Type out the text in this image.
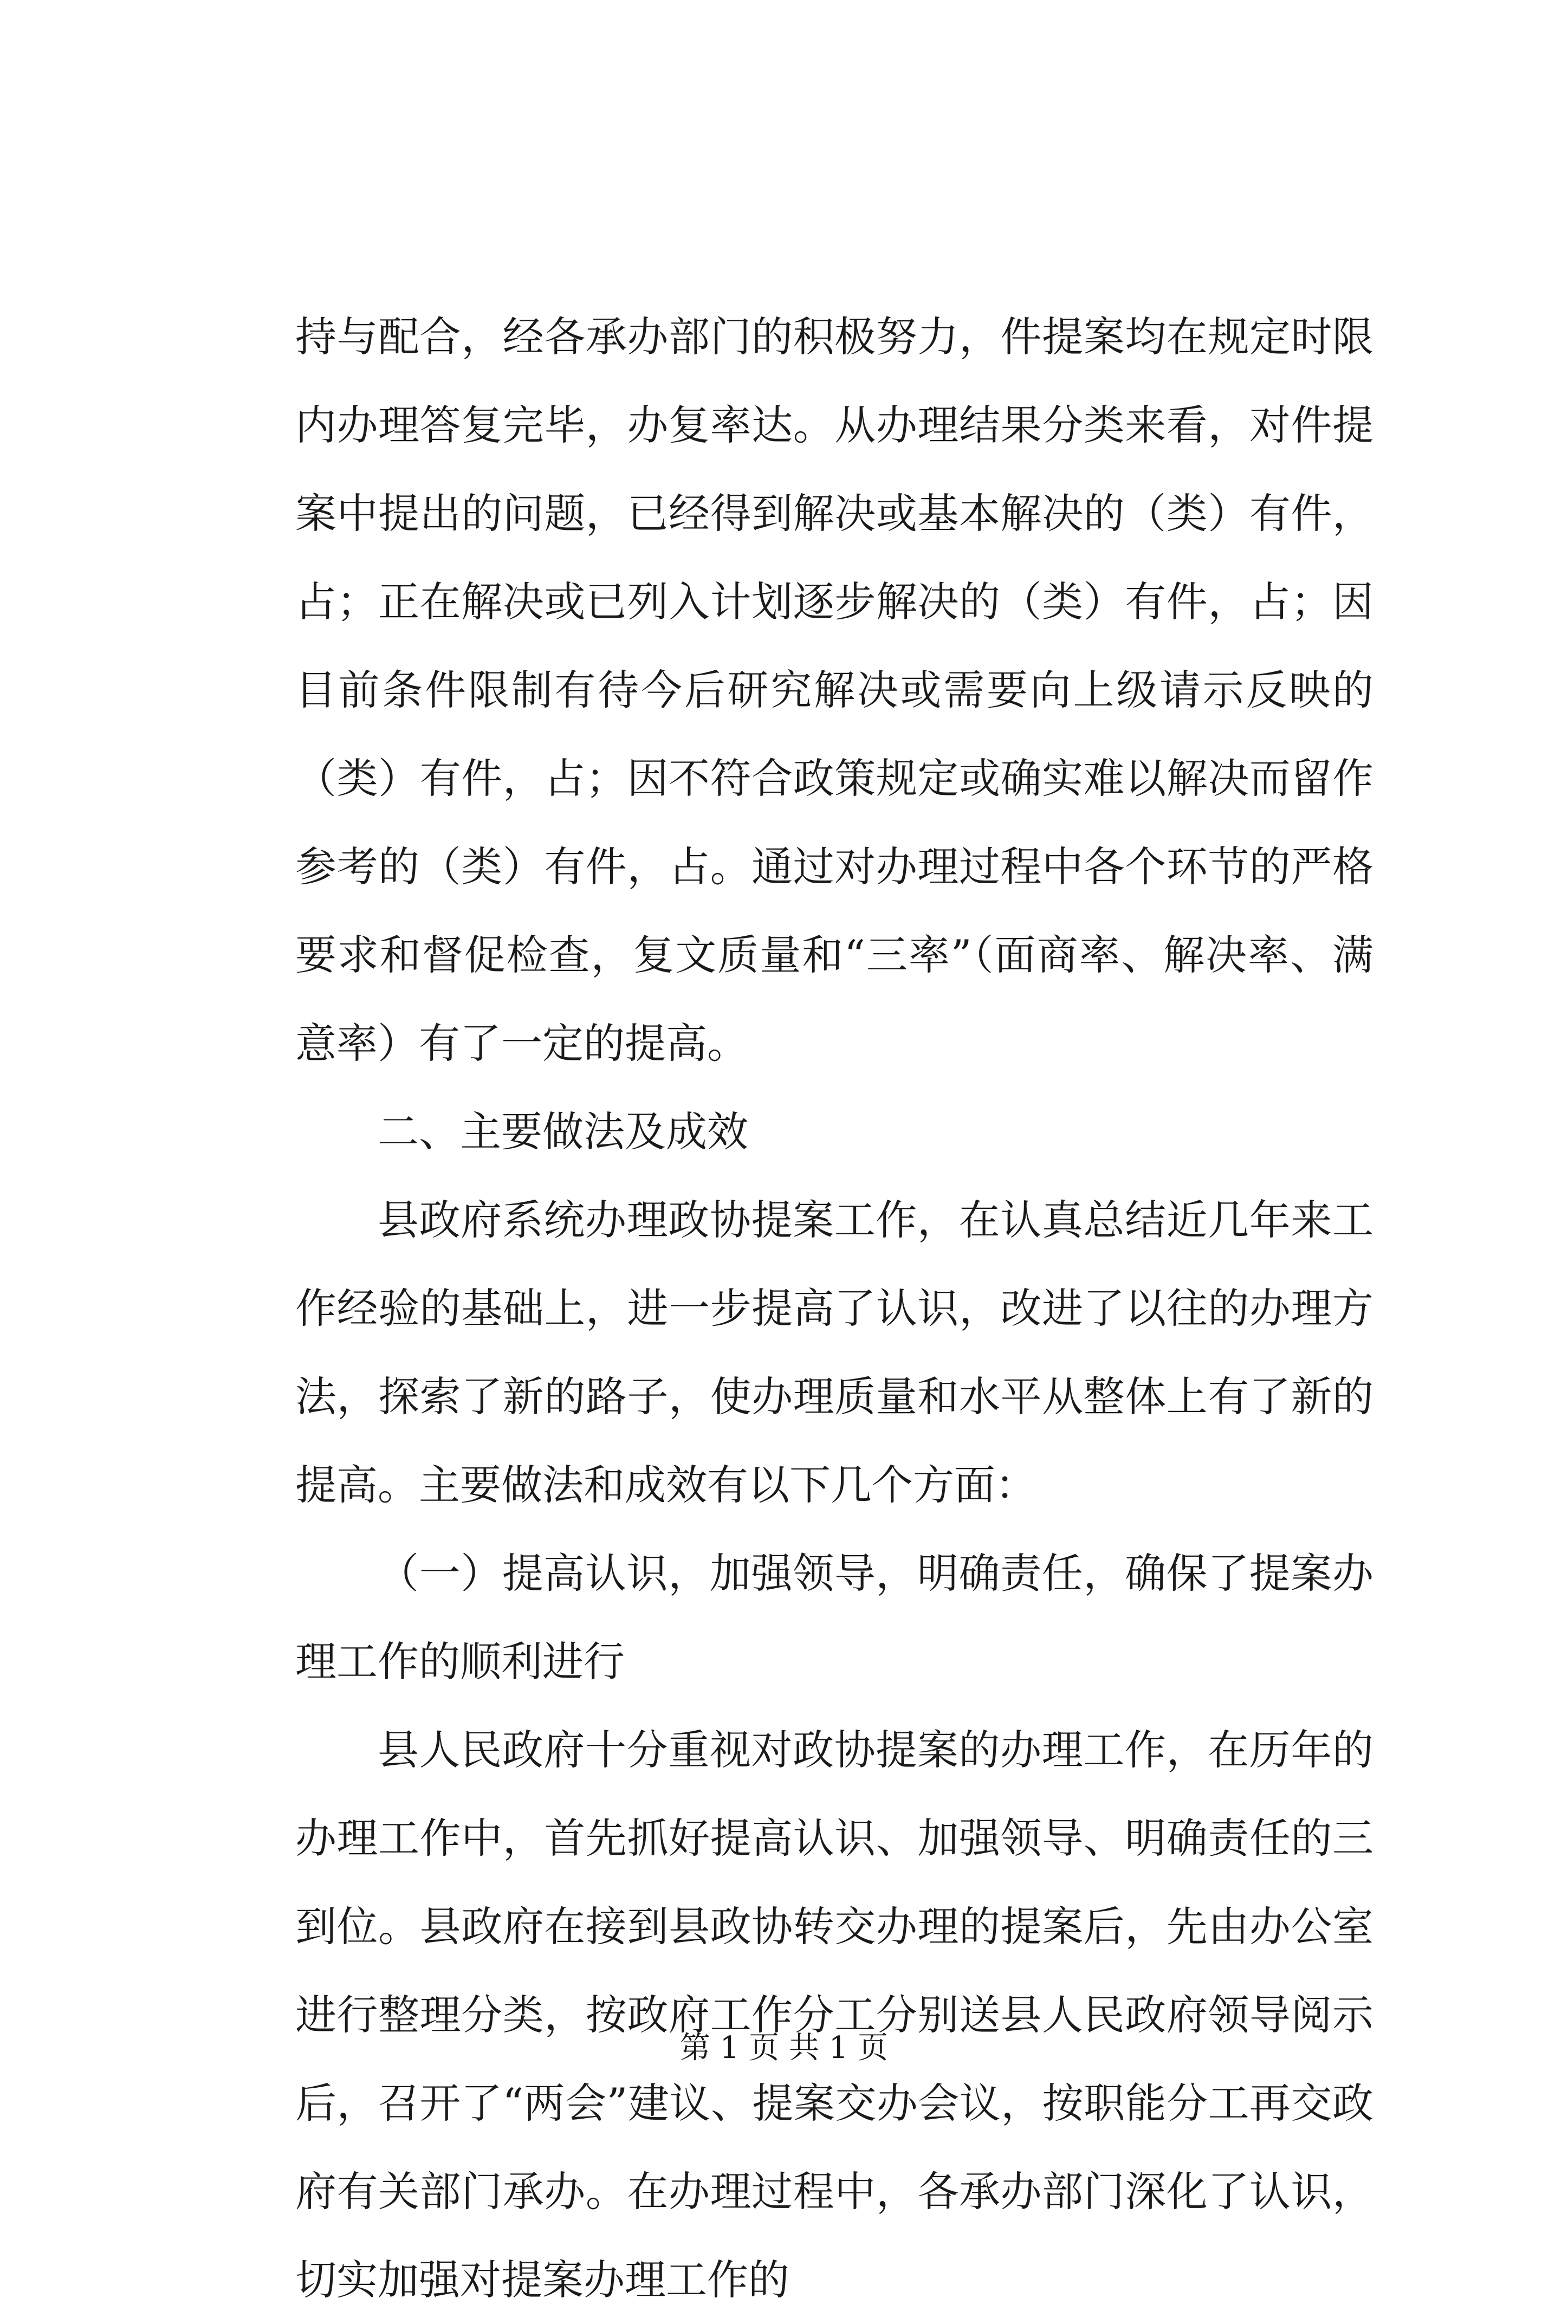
持与配合，经各承办部门的积极努力，件提案均在规定时限内办理答复完毕，办复率达。从办理结果分类来看，对件提案中提出的问题，已经得到解决或基本解决的（类）有件，占；正在解决或已列入计划逐步解决的（类）有件，占；因目前条件限制有待今后研究解决或需要向上级请示反映的（类）有件，占；因不符合政策规定或确实难以解决而留作参考的（类）有件，占。通过对办理过程中各个环节的严格要求和督促检查，复文质量和“三率”（面商率、解决率、满意率）有了一定的提高。

二、主要做法及成效

县政府系统办理政协提案工作，在认真总结近几年来工作经验的基础上，进一步提高了认识，改进了以往的办理方法，探索了新的路子，使办理质量和水平从整体上有了新的提高。主要做法和成效有以下几个方面：

（一）提高认识，加强领导，明确责任，确保了提案办理工作的顺利进行

县人民政府十分重视对政协提案的办理工作，在历年的办理工作中，首先抓好提高认识、加强领导、明确责任的三到位。县政府在接到县政协转交办理的提案后，先由办公室进行整理分类，按政府工作分工分别送县人民政府领导阅示后，召开了“两会”建议、提案交办会议，按职能分工再交政府有关部门承办。在办理过程中，各承办部门深化了认识，切实加强对提案办理工作的

第 1 页 共 1 页
